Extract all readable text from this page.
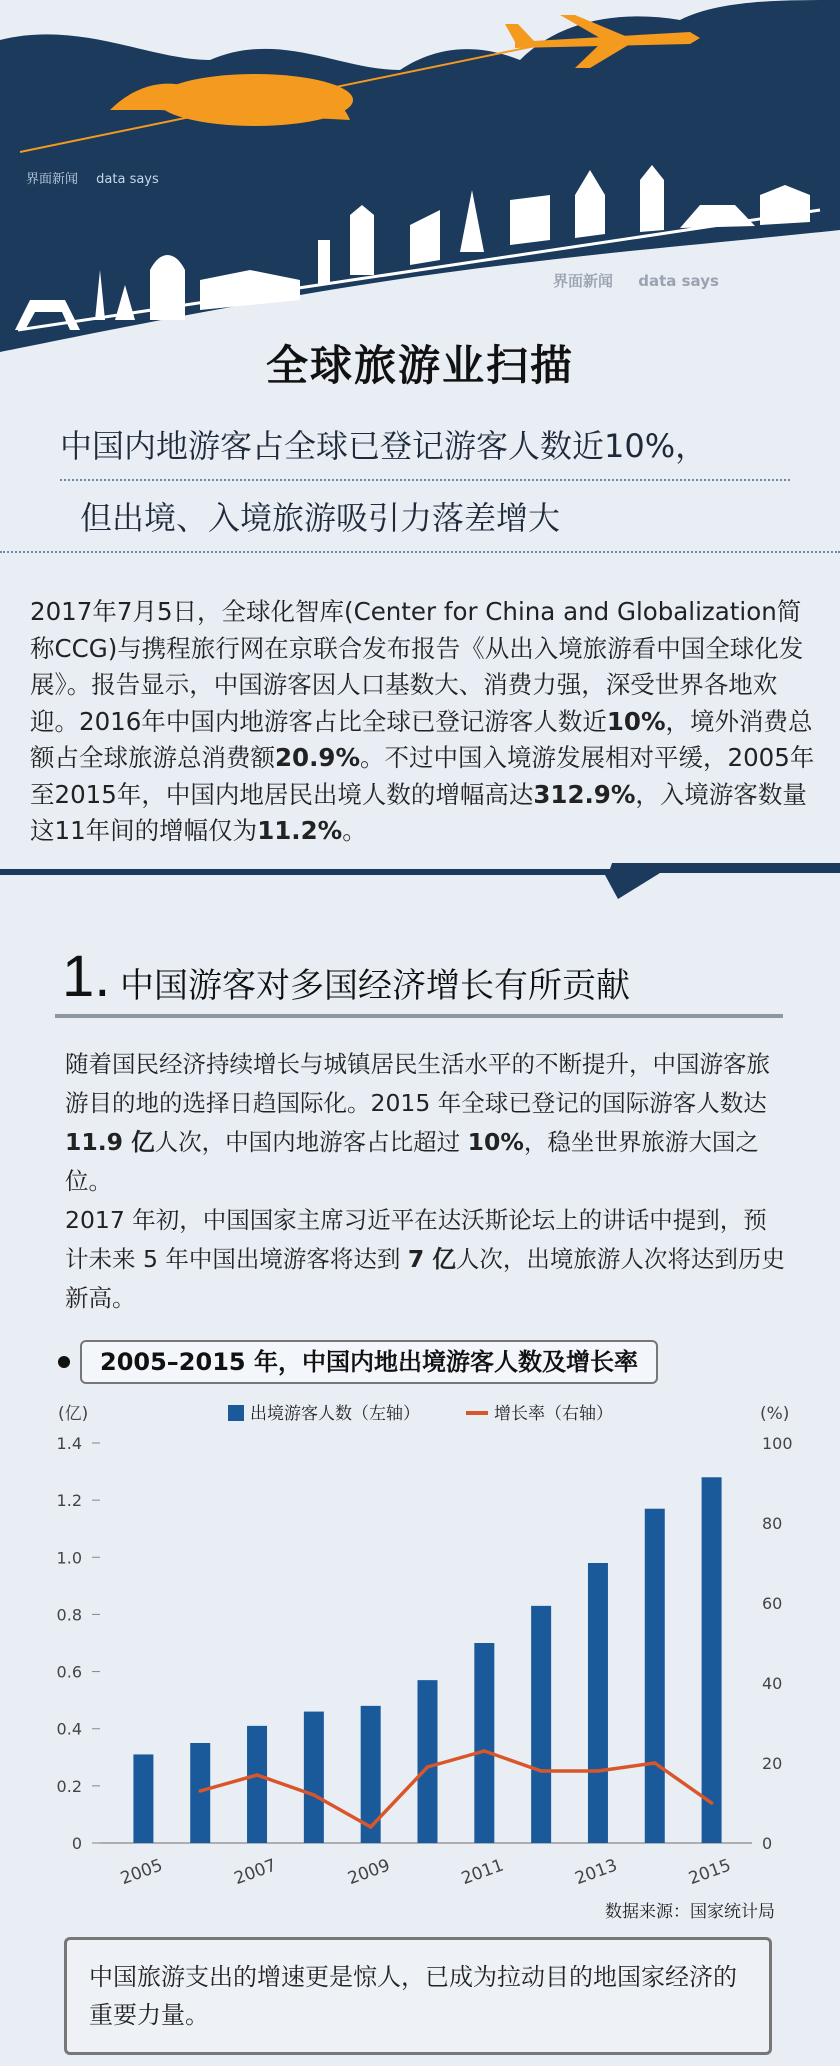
界面新闻 data says
界面新闻 data says
全球旅游业扫描
中国内地游客占全球已登记游客人数近10%，
但出境、入境旅游吸引力落差增大

2017年7月5日，全球化智库(Center for China and Globalization简称CCG)与携程旅行网在京联合发布报告《从出入境旅游看中国全球化发展》。报告显示，中国游客因人口基数大、消费力强，深受世界各地欢迎。2016年中国内地游客占比全球已登记游客人数近10%，境外消费总额占全球旅游总消费额20.9%。不过中国入境游发展相对平缓，2005年至2015年，中国内地居民出境人数的增幅高达312.9%，入境游客数量这11年间的增幅仅为11.2%。

1. 中国游客对多国经济增长有所贡献

随着国民经济持续增长与城镇居民生活水平的不断提升，中国游客旅游目的地的选择日趋国际化。2015 年全球已登记的国际游客人数达 11.9 亿人次，中国内地游客占比超过 10%，稳坐世界旅游大国之位。

2017 年初，中国国家主席习近平在达沃斯论坛上的讲话中提到，预计未来 5 年中国出境游客将达到 7 亿人次，出境旅游人次将达到历史新高。

2005–2015 年，中国内地出境游客人数及增长率
(亿)	(%)
出境游客人数（左轴）	增长率（右轴）
0
0.2
0.4
0.6
0.8
1.0
1.2
1.4
0
20
40
60
80
100
2005	2007	2009	2011	2013	2015
数据来源：国家统计局

中国旅游支出的增速更是惊人，已成为拉动目的地国家经济的重要力量。
